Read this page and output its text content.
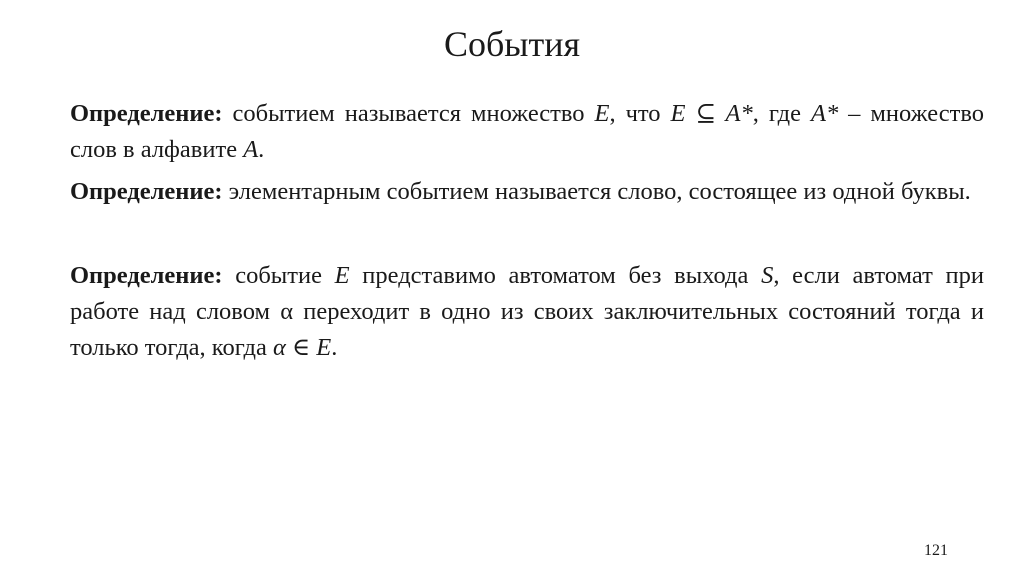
События

Определение: событием называется множество E, что E ⊆ A*, где A* – множество слов в алфавите A.

Определение: элементарным событием называется слово, состоящее из одной буквы.

Определение: событие E представимо автоматом без выхода S, если автомат при работе над словом α переходит в одно из своих заключительных состояний тогда и только тогда, когда α ∈ E.

121
